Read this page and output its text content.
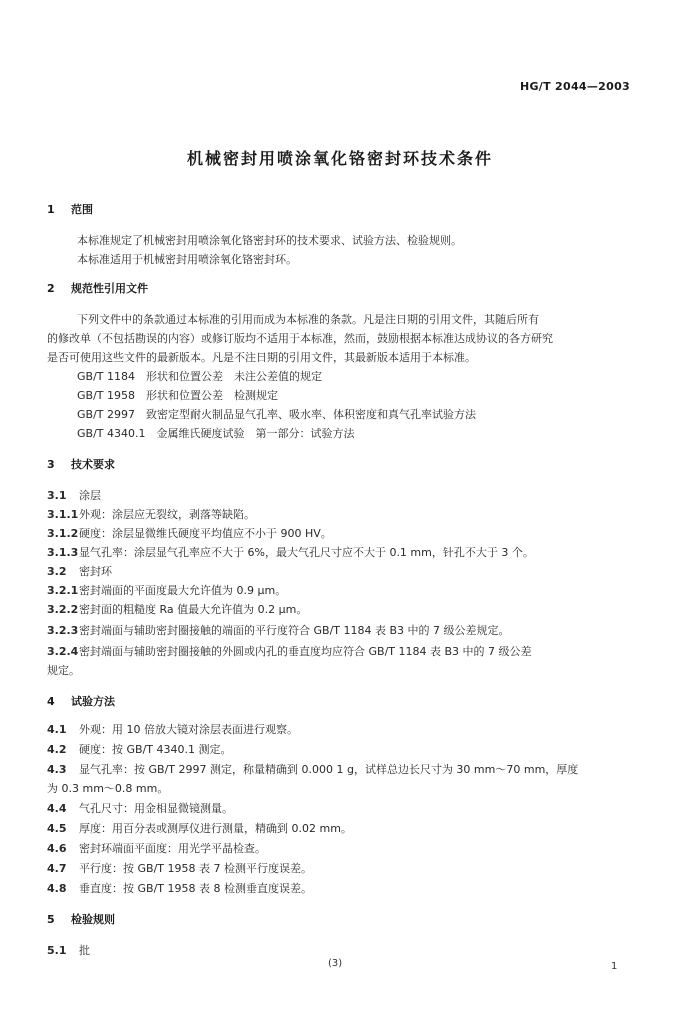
HG/T 2044—2003
机械密封用喷涂氧化铬密封环技术条件
1 范围
本标准规定了机械密封用喷涂氧化铬密封环的技术要求、试验方法、检验规则。
本标准适用于机械密封用喷涂氧化铬密封环。
2 规范性引用文件
下列文件中的条款通过本标准的引用而成为本标准的条款。凡是注日期的引用文件，其随后所有
的修改单（不包括勘误的内容）或修订版均不适用于本标准，然而，鼓励根据本标准达成协议的各方研究
是否可使用这些文件的最新版本。凡是不注日期的引用文件，其最新版本适用于本标准。
GB/T 1184　形状和位置公差　未注公差值的规定
GB/T 1958　形状和位置公差　检测规定
GB/T 2997　致密定型耐火制品显气孔率、吸水率、体积密度和真气孔率试验方法
GB/T 4340.1　金属维氏硬度试验　第一部分：试验方法
3 技术要求
3.1 涂层
3.1.1外观：涂层应无裂纹，剥落等缺陷。
3.1.2硬度：涂层显微维氏硬度平均值应不小于 900 HV。
3.1.3显气孔率：涂层显气孔率应不大于 6%，最大气孔尺寸应不大于 0.1 mm，针孔不大于 3 个。
3.2 密封环
3.2.1密封端面的平面度最大允许值为 0.9 μm。
3.2.2密封面的粗糙度 Ra 值最大允许值为 0.2 μm。
3.2.3密封端面与辅助密封圈接触的端面的平行度符合 GB/T 1184 表 B3 中的 7 级公差规定。
3.2.4密封端面与辅助密封圈接触的外圆或内孔的垂直度均应符合 GB/T 1184 表 B3 中的 7 级公差
规定。
4 试验方法
4.1 外观：用 10 倍放大镜对涂层表面进行观察。
4.2 硬度：按 GB/T 4340.1 测定。
4.3 显气孔率：按 GB/T 2997 测定，称量精确到 0.000 1 g，试样总边长尺寸为 30 mm～70 mm，厚度
为 0.3 mm～0.8 mm。
4.4 气孔尺寸：用金相显微镜测量。
4.5 厚度：用百分表或测厚仪进行测量，精确到 0.02 mm。
4.6 密封环端面平面度：用光学平晶检查。
4.7 平行度：按 GB/T 1958 表 7 检测平行度误差。
4.8 垂直度：按 GB/T 1958 表 8 检测垂直度误差。
5 检验规则
5.1 批
(3)	1
